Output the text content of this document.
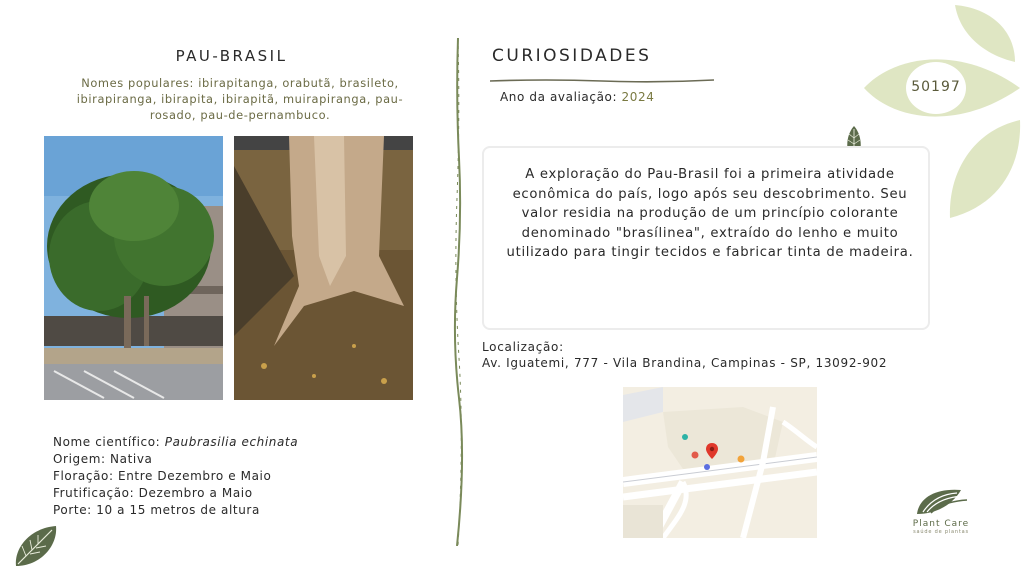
PAU-BRASIL
Nomes populares: ibirapitanga, orabutã, brasileto, ibirapiranga, ibirapita, ibirapitã, muirapiranga, pau-rosado, pau-de-pernambuco.
Nome científico: Paubrasilia echinata
Origem: Nativa
Floração: Entre Dezembro e Maio
Frutificação: Dezembro a Maio
Porte: 10 a 15 metros de altura
CURIOSIDADES
Ano da avaliação: 2024
50197
A exploração do Pau-Brasil foi a primeira atividade econômica do país, logo após seu descobrimento. Seu valor residia na produção de um princípio colorante denominado "brasílinea", extraído do lenho e muito utilizado para tingir tecidos e fabricar tinta de madeira.
Localização:
Av. Iguatemi, 777 - Vila Brandina, Campinas - SP, 13092-902
Plant Care
saúde de plantas
